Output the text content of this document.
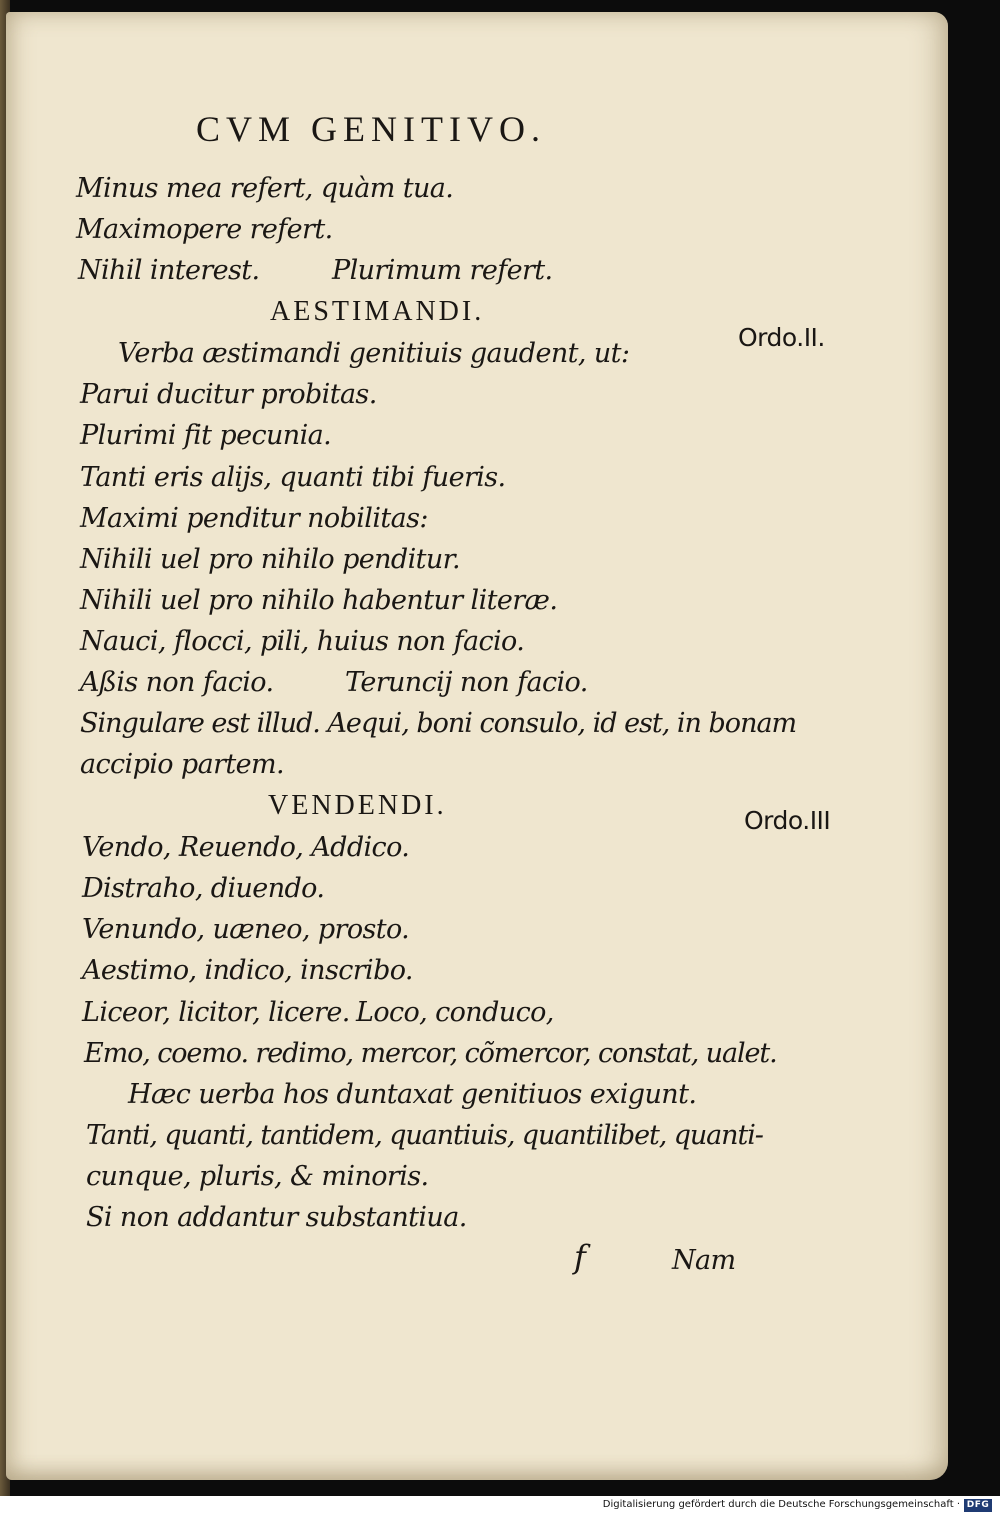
CVM GENITIVO.
Minus mea refert, quàm tua.
Maximopere refert.
Nihil interest.	Plurimum refert.
AESTIMANDI.
Verba æstimandi genitiuis gaudent, ut:
Parui ducitur probitas.
Plurimi fit pecunia.
Tanti eris alijs, quanti tibi fueris.
Maximi penditur nobilitas:
Nihili uel pro nihilo penditur.
Nihili uel pro nihilo habentur literæ.
Nauci, flocci, pili, huius non facio.
Aßis non facio.	Teruncij non facio.
Singulare est illud. Aequi, boni consulo, id est, in bonam
accipio partem.
VENDENDI.
Vendo, Reuendo, Addico.
Distraho, diuendo.
Venundo, uæneo, prosto.
Aestimo, indico, inscribo.
Liceor, licitor, licere. Loco, conduco,
Emo, coemo. redimo, mercor, cõmercor, constat, ualet.
Hæc uerba hos duntaxat genitiuos exigunt.
Tanti, quanti, tantidem, quantiuis, quantilibet, quanti-
cunque, pluris, & minoris.
Si non addantur substantiua.
f	Nam
Ordo.II.
Ordo.III
Digitalisierung gefördert durch die Deutsche Forschungsgemeinschaft · DFG
